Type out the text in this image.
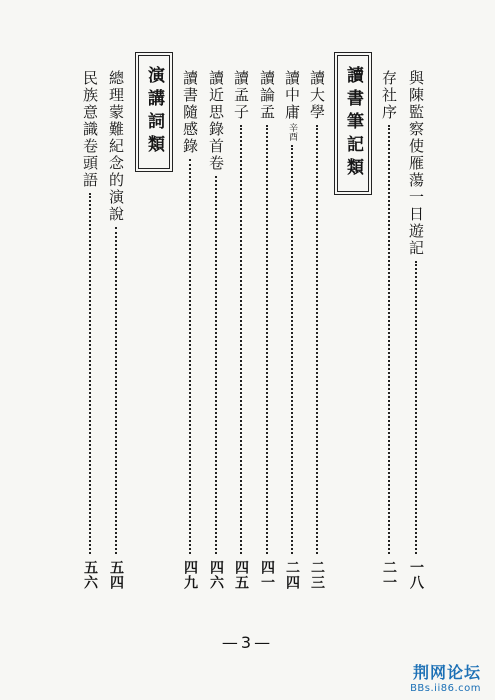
與陳監察使雁蕩一日遊記
一八
存社序
二一
讀書筆記類
讀大學
二三
讀中庸
辛酉
二四
讀論孟
四一
讀孟子
四五
讀近思錄首卷
四六
讀書隨感錄
四九
演講詞類
總理蒙難紀念的演說
五四
民族意識卷頭語
五六
—3—
荆网论坛
BBs.ii86.com
